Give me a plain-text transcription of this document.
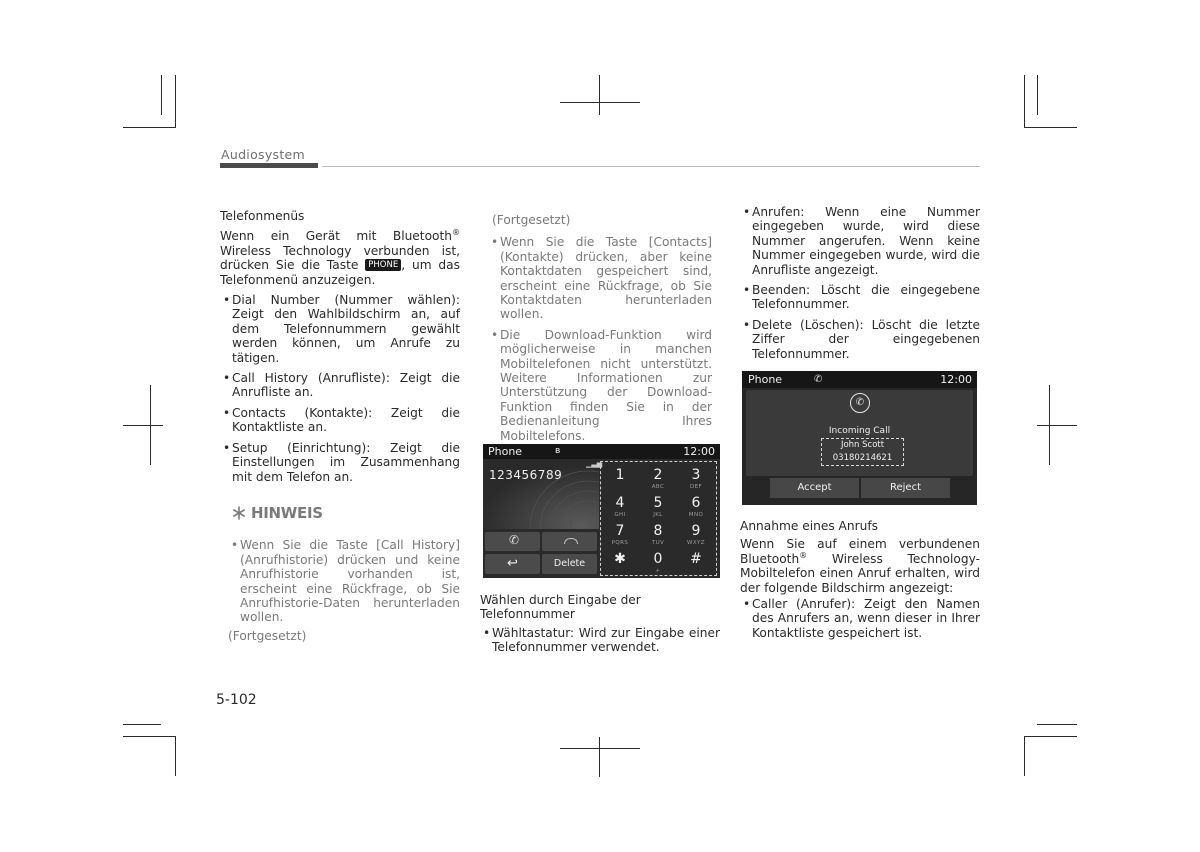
Audiosystem

Telefonmenüs

Wenn ein Gerät mit Bluetooth® Wireless Technology verbunden ist, drücken Sie die Taste PHONE , um das Telefonmenü anzuzeigen.

• Dial Number (Nummer wählen): Zeigt den Wahlbildschirm an, auf dem Telefonnummern gewählt werden können, um Anrufe zu tätigen.

• Call History (Anrufliste): Zeigt die Anrufliste an.

• Contacts (Kontakte): Zeigt die Kontaktliste an.

• Setup (Einrichtung): Zeigt die Einstellungen im Zusammenhang mit dem Telefon an.

HINWEIS

• Wenn Sie die Taste [Call History] (Anrufhistorie) drücken und keine Anrufhistorie vorhanden ist, erscheint eine Rückfrage, ob Sie Anrufhistorie-Daten herunterladen wollen.

(Fortgesetzt)

(Fortgesetzt)

• Wenn Sie die Taste [Contacts] (Kontakte) drücken, aber keine Kontaktdaten gespeichert sind, erscheint eine Rückfrage, ob Sie Kontaktdaten herunterladen wollen.

• Die Download-Funktion wird möglicherweise in manchen Mobiltelefonen nicht unterstützt. Weitere Informationen zur Unterstützung der Download-Funktion finden Sie in der Bedienanleitung Ihres Mobiltelefons.

Phone	ʙ	12:00
123456789
▁▃▅
✆
↩	Delete
1	2
ABC
3
DEF
4
GHI
5
JKL
6
MNO
7
PQRS
8
TUV
9
WXYZ
✱	0
+
#

Wählen durch Eingabe der Telefonnummer

• Wähltastatur: Wird zur Eingabe einer Telefonnummer verwendet.

• Anrufen: Wenn eine Nummer eingegeben wurde, wird diese Nummer angerufen. Wenn keine Nummer eingegeben wurde, wird die Anrufliste angezeigt.

• Beenden: Löscht die eingegebene Telefonnummer.

• Delete (Löschen): Löscht die letzte Ziffer der eingegebenen Telefonnummer.

Phone	✆	12:00
✆
Incoming Call
John Scott
03180214621
Accept	Reject

Annahme eines Anrufs

Wenn Sie auf einem verbundenen Bluetooth® Wireless Technology-Mobiltelefon einen Anruf erhalten, wird der folgende Bildschirm angezeigt:

• Caller (Anrufer): Zeigt den Namen des Anrufers an, wenn dieser in Ihrer Kontaktliste gespeichert ist.

5-102
